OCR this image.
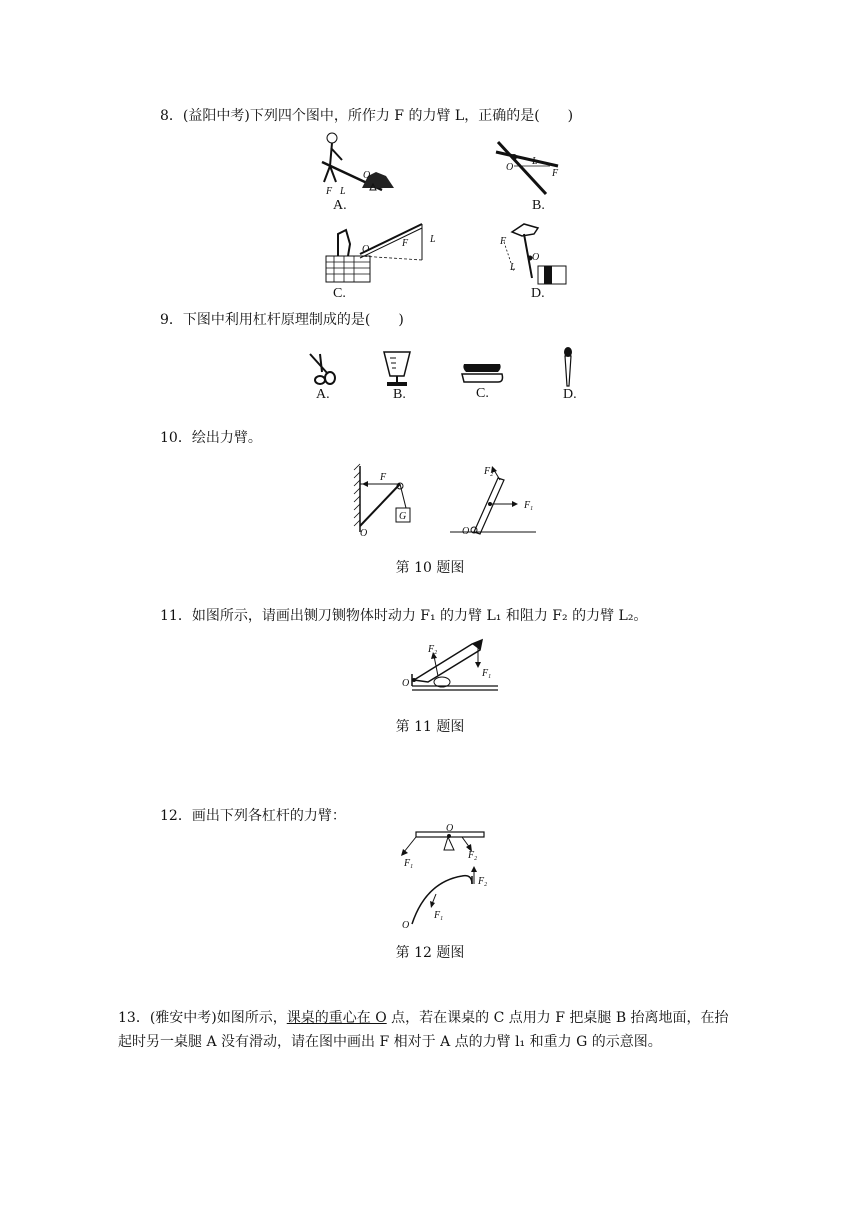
8．(益阳中考)下列四个图中，所作力 F 的力臂 L，正确的是(　　)
O
F L
A.
O
L
F
B.
O
F L
C.
F
L
O
D.
9．下图中利用杠杆原理制成的是(　　)
A.	B.	C.	D.
10．绘出力臂。
F
G
O	O
$F_1$
$F_2$
第 10 题图
11．如图所示，请画出铡刀铡物体时动力 F₁ 的力臂 L₁ 和阻力 F₂ 的力臂 L₂。
O
$F_1$
$F_2$
第 11 题图
12．画出下列各杠杆的力臂：
O
$F_1$
$F_2$
O
$F_1$
$F_2$
第 12 题图
13．(雅安中考)如图所示，课桌的重心在 O 点，若在课桌的 C 点用力 F 把桌腿 B 抬离地面，在抬起时另一桌腿 A 没有滑动，请在图中画出 F 相对于 A 点的力臂 l₁ 和重力 G 的示意图。
